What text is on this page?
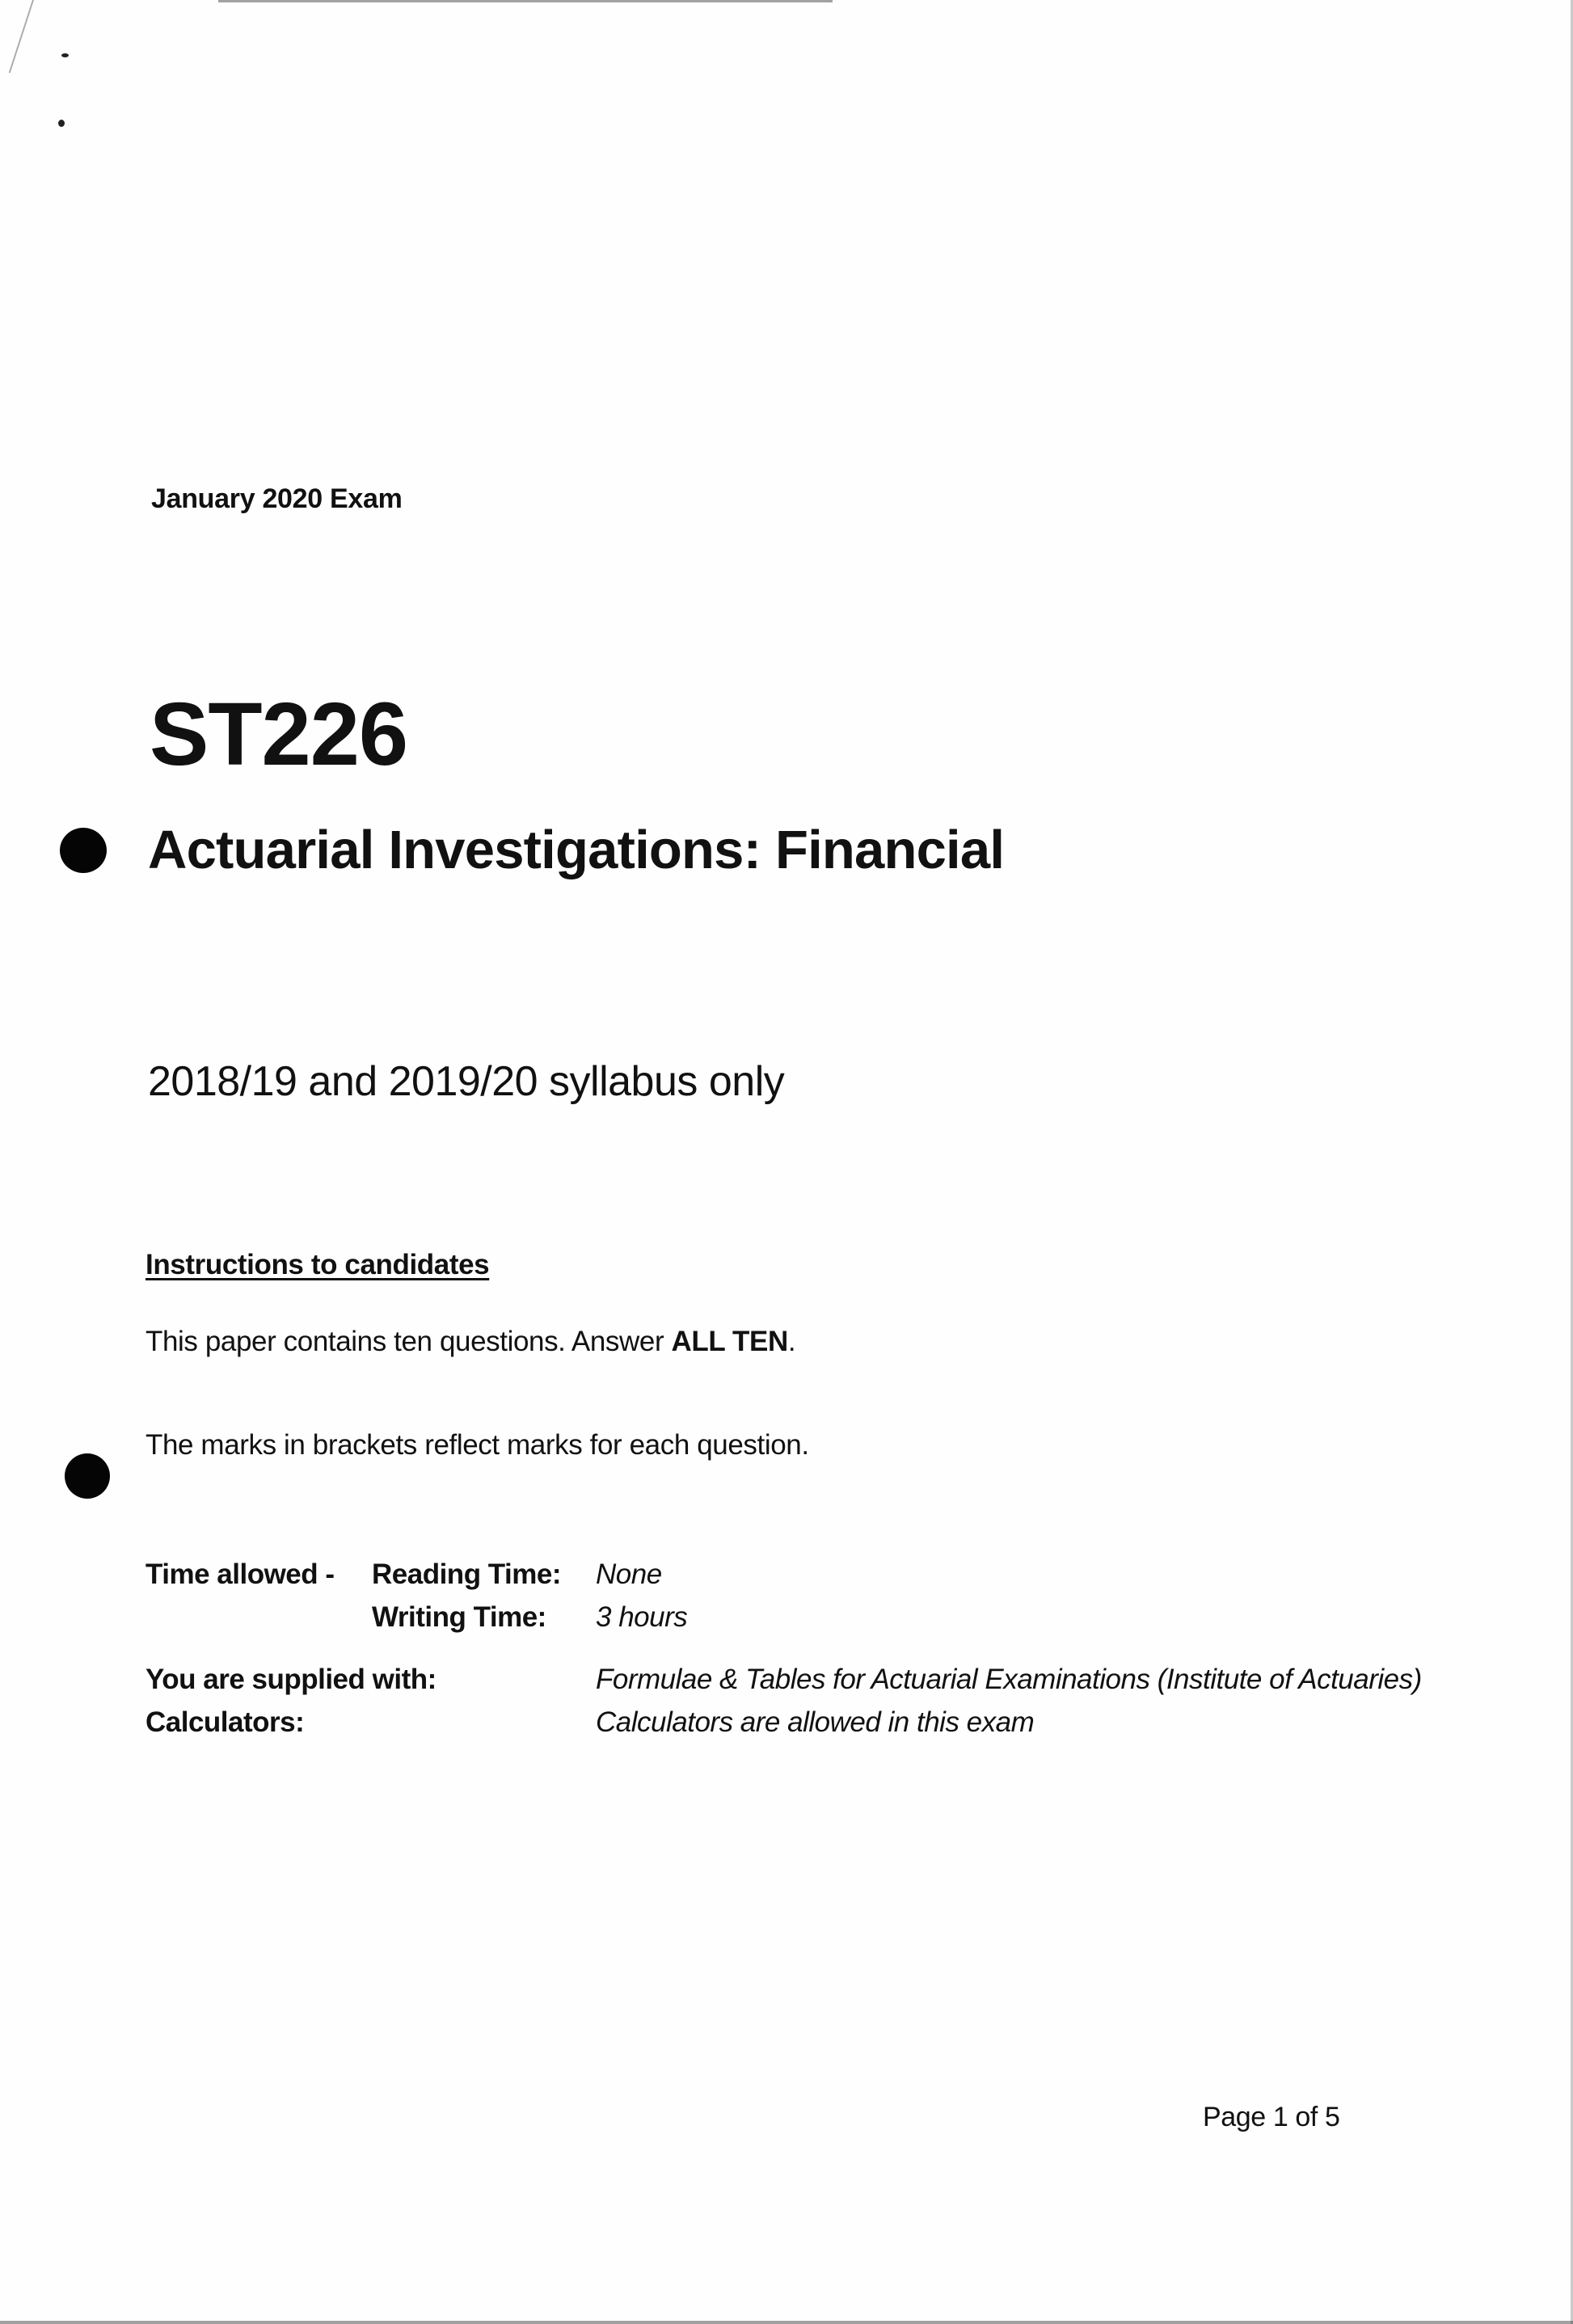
January 2020 Exam
ST226
Actuarial Investigations: Financial
2018/19 and 2019/20 syllabus only
Instructions to candidates
This paper contains ten questions. Answer ALL TEN.
The marks in brackets reflect marks for each question.
Time allowed - Reading Time: None
Writing Time: 3 hours
You are supplied with:	Formulae & Tables for Actuarial Examinations (Institute of Actuaries)
Calculators:	Calculators are allowed in this exam
Page 1 of 5
